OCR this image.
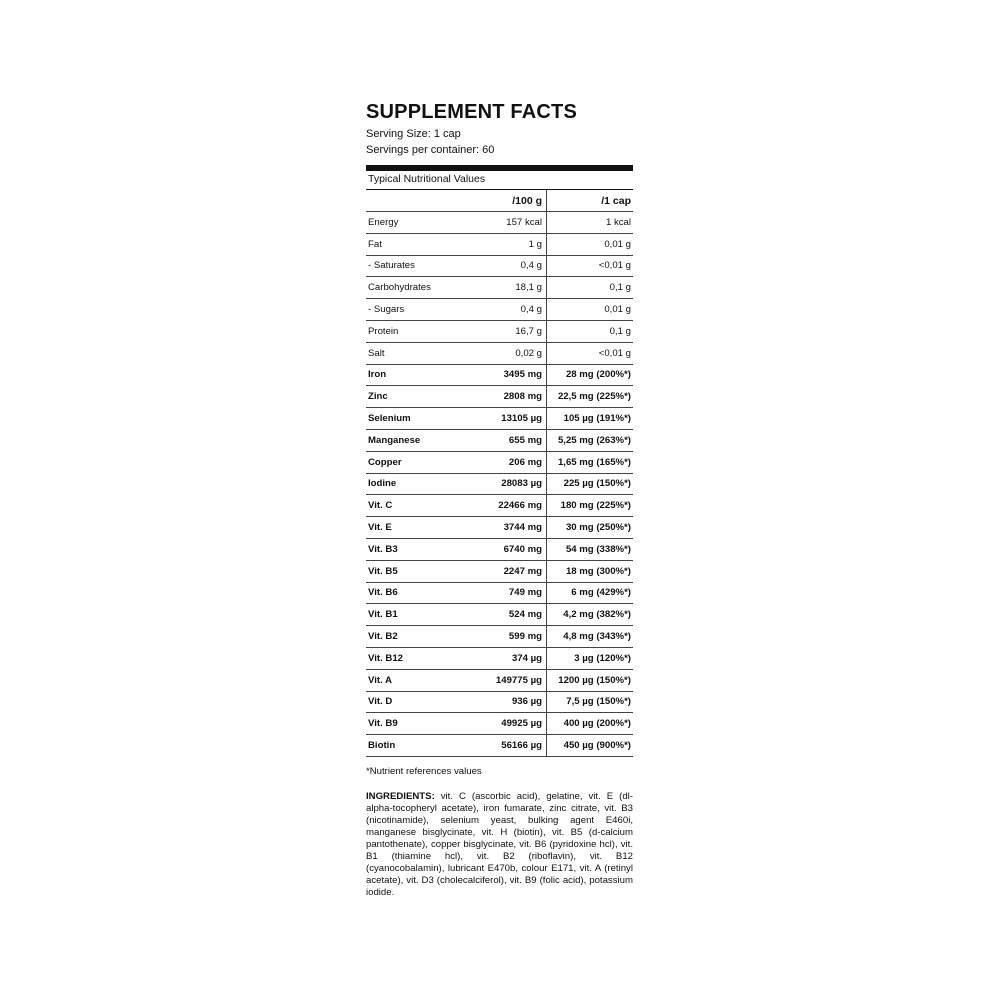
SUPPLEMENT FACTS
Serving Size: 1 cap
Servings per container: 60
Typical Nutritional Values
	/100 g	/1 cap
Energy	157 kcal	1 kcal
Fat	1 g	0,01 g
- Saturates	0,4 g	<0,01 g
Carbohydrates	18,1 g	0,1 g
- Sugars	0,4 g	0,01 g
Protein	16,7 g	0,1 g
Salt	0,02 g	<0,01 g
Iron	3495 mg	28 mg (200%*)
Zinc	2808 mg	22,5 mg (225%*)
Selenium	13105 µg	105 µg (191%*)
Manganese	655 mg	5,25 mg (263%*)
Copper	206 mg	1,65 mg (165%*)
Iodine	28083 µg	225 µg (150%*)
Vit. C	22466 mg	180 mg (225%*)
Vit. E	3744 mg	30 mg (250%*)
Vit. B3	6740 mg	54 mg (338%*)
Vit. B5	2247 mg	18 mg (300%*)
Vit. B6	749 mg	6 mg (429%*)
Vit. B1	524 mg	4,2 mg (382%*)
Vit. B2	599 mg	4,8 mg (343%*)
Vit. B12	374 µg	3 µg (120%*)
Vit. A	149775 µg	1200 µg (150%*)
Vit. D	936 µg	7,5 µg (150%*)
Vit. B9	49925 µg	400 µg (200%*)
Biotin	56166 µg	450 µg (900%*)
*Nutrient references values
INGREDIENTS: vit. C (ascorbic acid), gelatine, vit. E (dl-alpha-tocopheryl acetate), iron fumarate, zinc citrate, vit. B3 (nicotinamide), selenium yeast, bulking agent E460i, manganese bisglycinate, vit. H (biotin), vit. B5 (d-calcium pantothenate), copper bisglycinate, vit. B6 (pyridoxine hcl), vit. B1 (thiamine hcl), vit. B2 (riboflavin), vit. B12 (cyanocobalamin), lubricant E470b, colour E171, vit. A (retinyl acetate), vit. D3 (cholecalciferol), vit. B9 (folic acid), potassium iodide.
